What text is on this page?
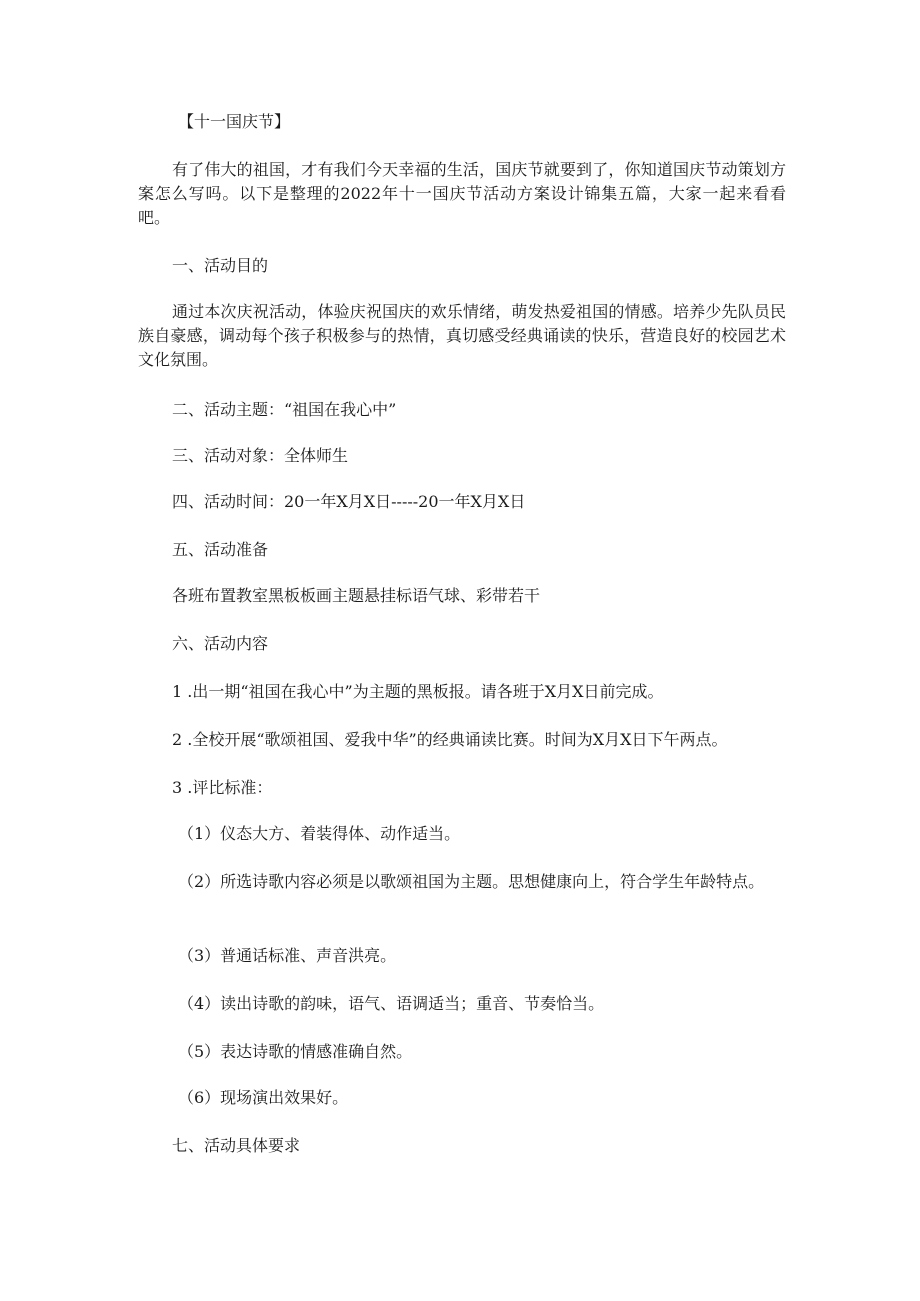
【十一国庆节】

有了伟大的祖国，才有我们今天幸福的生活，国庆节就要到了，你知道国庆节动策划方案怎么写吗。以下是整理的2022年十一国庆节活动方案设计锦集五篇，大家一起来看看吧。

一、活动目的

通过本次庆祝活动，体验庆祝国庆的欢乐情绪，萌发热爱祖国的情感。培养少先队员民族自豪感，调动每个孩子积极参与的热情，真切感受经典诵读的快乐，营造良好的校园艺术文化氛围。

二、活动主题：“祖国在我心中”

三、活动对象：全体师生

四、活动时间：20一年X月X日-----20一年X月X日

五、活动准备

各班布置教室黑板板画主题悬挂标语气球、彩带若干

六、活动内容

1 .出一期“祖国在我心中”为主题的黑板报。请各班于X月X日前完成。

2 .全校开展“歌颂祖国、爱我中华”的经典诵读比赛。时间为X月X日下午两点。

3 .评比标准：

（1）仪态大方、着装得体、动作适当。

（2）所选诗歌内容必须是以歌颂祖国为主题。思想健康向上，符合学生年龄特点。

（3）普通话标准、声音洪亮。

（4）读出诗歌的韵味，语气、语调适当；重音、节奏恰当。

（5）表达诗歌的情感准确自然。

（6）现场演出效果好。

七、活动具体要求
